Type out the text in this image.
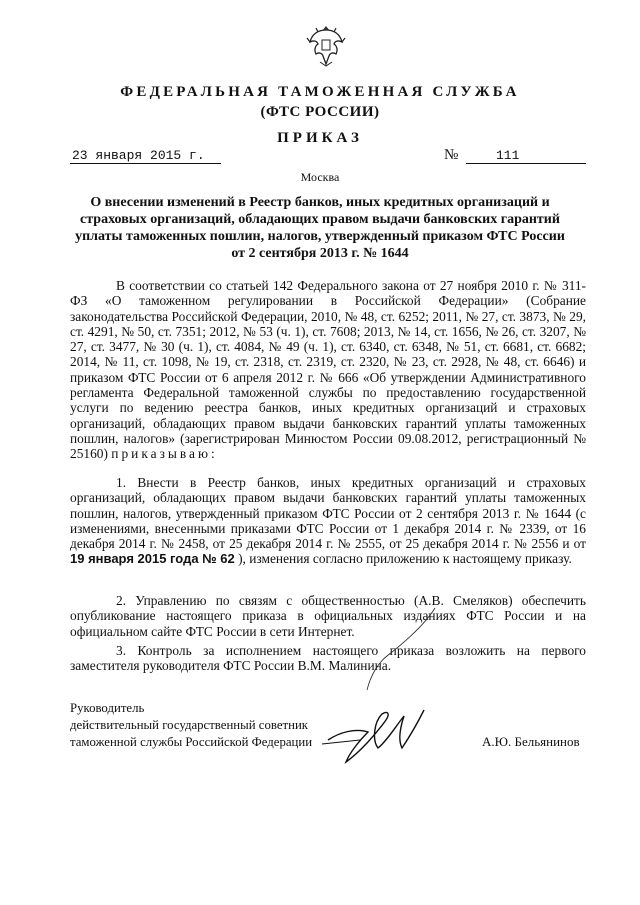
ФЕДЕРАЛЬНАЯ ТАМОЖЕННАЯ СЛУЖБА
(ФТС РОССИИ)
ПРИКАЗ
23 января 2015 г.	№	111
Москва
О внесении изменений в Реестр банков, иных кредитных организаций и
страховых организаций, обладающих правом выдачи банковских гарантий
уплаты таможенных пошлин, налогов, утвержденный приказом ФТС России
от 2 сентября 2013 г. № 1644
В соответствии со статьей 142 Федерального закона от 27 ноября 2010 г. № 311-ФЗ «О таможенном регулировании в Российской Федерации» (Собрание законодательства Российской Федерации, 2010, № 48, ст. 6252; 2011, № 27, ст. 3873, № 29, ст. 4291, № 50, ст. 7351; 2012, № 53 (ч. 1), ст. 7608; 2013, № 14, ст. 1656, № 26, ст. 3207, № 27, ст. 3477, № 30 (ч. 1), ст. 4084, № 49 (ч. 1), ст. 6340, ст. 6348, № 51, ст. 6681, ст. 6682; 2014, № 11, ст. 1098, № 19, ст. 2318, ст. 2319, ст. 2320, № 23, ст. 2928, № 48, ст. 6646) и приказом ФТС России от 6 апреля 2012 г. № 666 «Об утверждении Административного регламента Федеральной таможенной службы по предоставлению государственной услуги по ведению реестра банков, иных кредитных организаций и страховых организаций, обладающих правом выдачи банковских гарантий уплаты таможенных пошлин, налогов» (зарегистрирован Минюстом России 09.08.2012, регистрационный № 25160) приказываю:
1. Внести в Реестр банков, иных кредитных организаций и страховых организаций, обладающих правом выдачи банковских гарантий уплаты таможенных пошлин, налогов, утвержденный приказом ФТС России от 2 сентября 2013 г. № 1644 (с изменениями, внесенными приказами ФТС России от 1 декабря 2014 г. № 2339, от 16 декабря 2014 г. № 2458, от 25 декабря 2014 г. № 2555, от 25 декабря 2014 г. № 2556 и от 19 января 2015 года № 62 ), изменения согласно приложению к настоящему приказу.
2. Управлению по связям с общественностью (А.В. Смеляков) обеспечить опубликование настоящего приказа в официальных изданиях ФТС России и на официальном сайте ФТС России в сети Интернет.
3. Контроль за исполнением настоящего приказа возложить на первого заместителя руководителя ФТС России В.М. Малинина.
Руководитель
действительный государственный советник
таможенной службы Российской Федерации	А.Ю. Бельянинов
